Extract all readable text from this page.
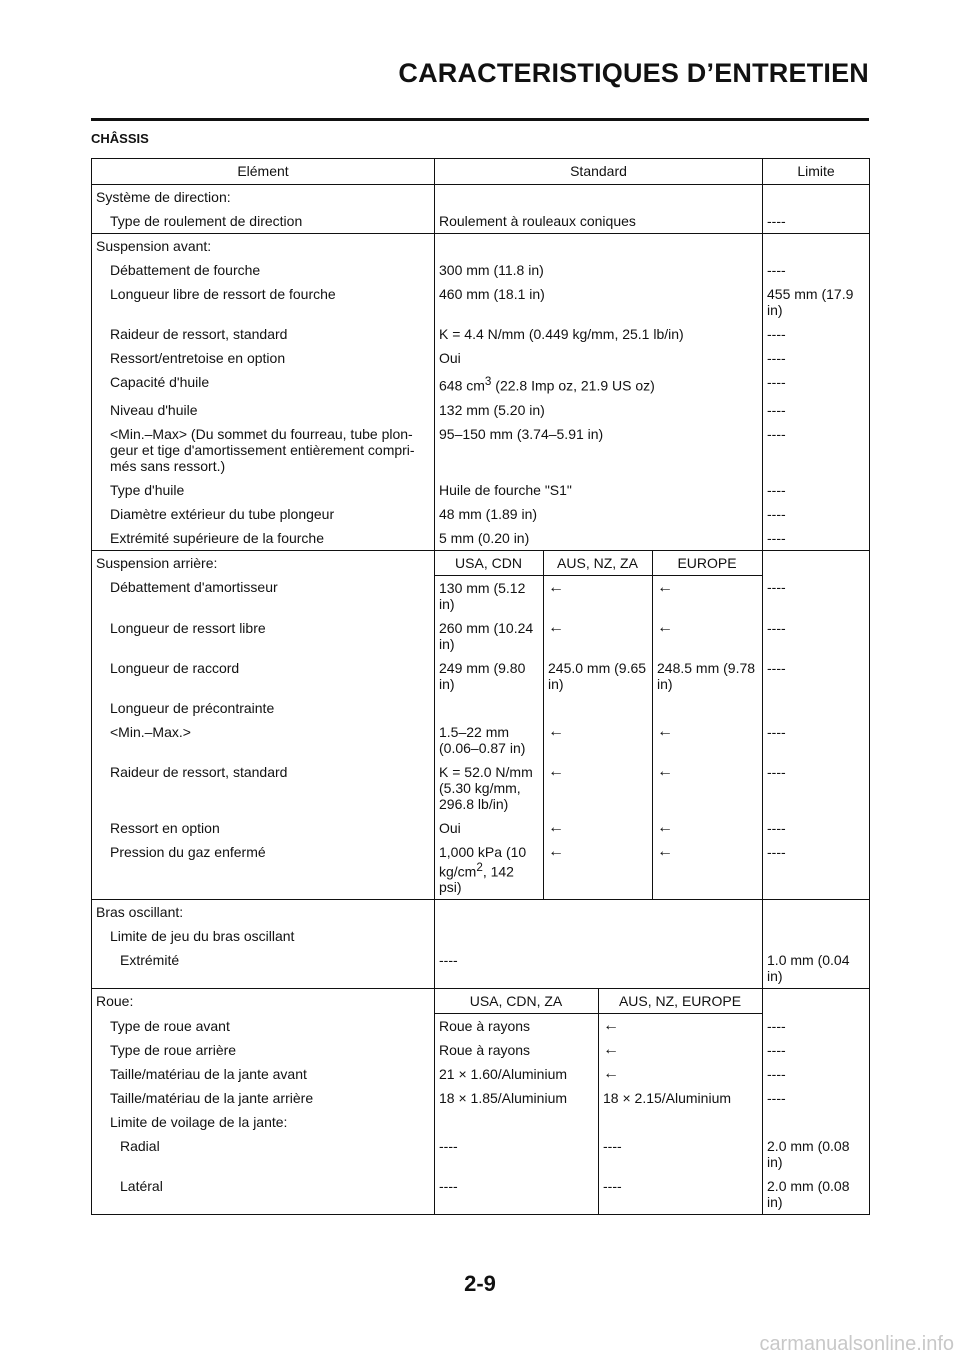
CARACTERISTIQUES D’ENTRETIEN
CHÂSSIS
Elément	Standard				Limite
Système de direction:					
Type de roulement de direction	Roulement à rouleaux coniques				----
Suspension avant:					
Débattement de fourche	300 mm (11.8 in)				----
Longueur libre de ressort de fourche	460 mm (18.1 in)				455 mm (17.9 in)
Raideur de ressort, standard	K = 4.4 N/mm (0.449 kg/mm, 25.1 lb/in)				----
Ressort/entretoise en option	Oui				----
Capacité d'huile	648 $cm^3$ (22.8 Imp oz, 21.9 US oz)				----
Niveau d'huile	132 mm (5.20 in)				----
<Min.–Max> (Du sommet du fourreau, tube plon-geur et tige d'amortissement entièrement compri-més sans ressort.)	95–150 mm (3.74–5.91 in)				----
Type d'huile	Huile de fourche "S1"				----
Diamètre extérieur du tube plongeur	48 mm (1.89 in)				----
Extrémité supérieure de la fourche	5 mm (0.20 in)				----
Suspension arrière:	USA, CDN	AUS, NZ, ZA		EUROPE	
Débattement d'amortisseur	130 mm (5.12 in)	←		←	----
Longueur de ressort libre	260 mm (10.24 in)	←		←	----
Longueur de raccord	249 mm (9.80 in)	245.0 mm (9.65 in)		248.5 mm (9.78 in)	----
Longueur de précontrainte					
<Min.–Max.>	1.5–22 mm (0.06–0.87 in)	←		←	----
Raideur de ressort, standard	K = 52.0 N/mm (5.30 kg/mm, 296.8 lb/in)	←		←	----
Ressort en option	Oui	←		←	----
Pression du gaz enfermé	1,000 kPa (10 $kg/cm^2$, 142 psi)	←		←	----
Bras oscillant:					
Limite de jeu du bras oscillant					
Extrémité	----				1.0 mm (0.04 in)
Roue:	USA, CDN, ZA		AUS, NZ, EUROPE		
Type de roue avant	Roue à rayons		←		----
Type de roue arrière	Roue à rayons		←		----
Taille/matériau de la jante avant	21 × 1.60/Aluminium		←		----
Taille/matériau de la jante arrière	18 × 1.85/Aluminium		18 × 2.15/Aluminium		----
Limite de voilage de la jante:					
Radial	----		----		2.0 mm (0.08 in)
Latéral	----		----		2.0 mm (0.08 in)
2-9
carmanualsonline.info
